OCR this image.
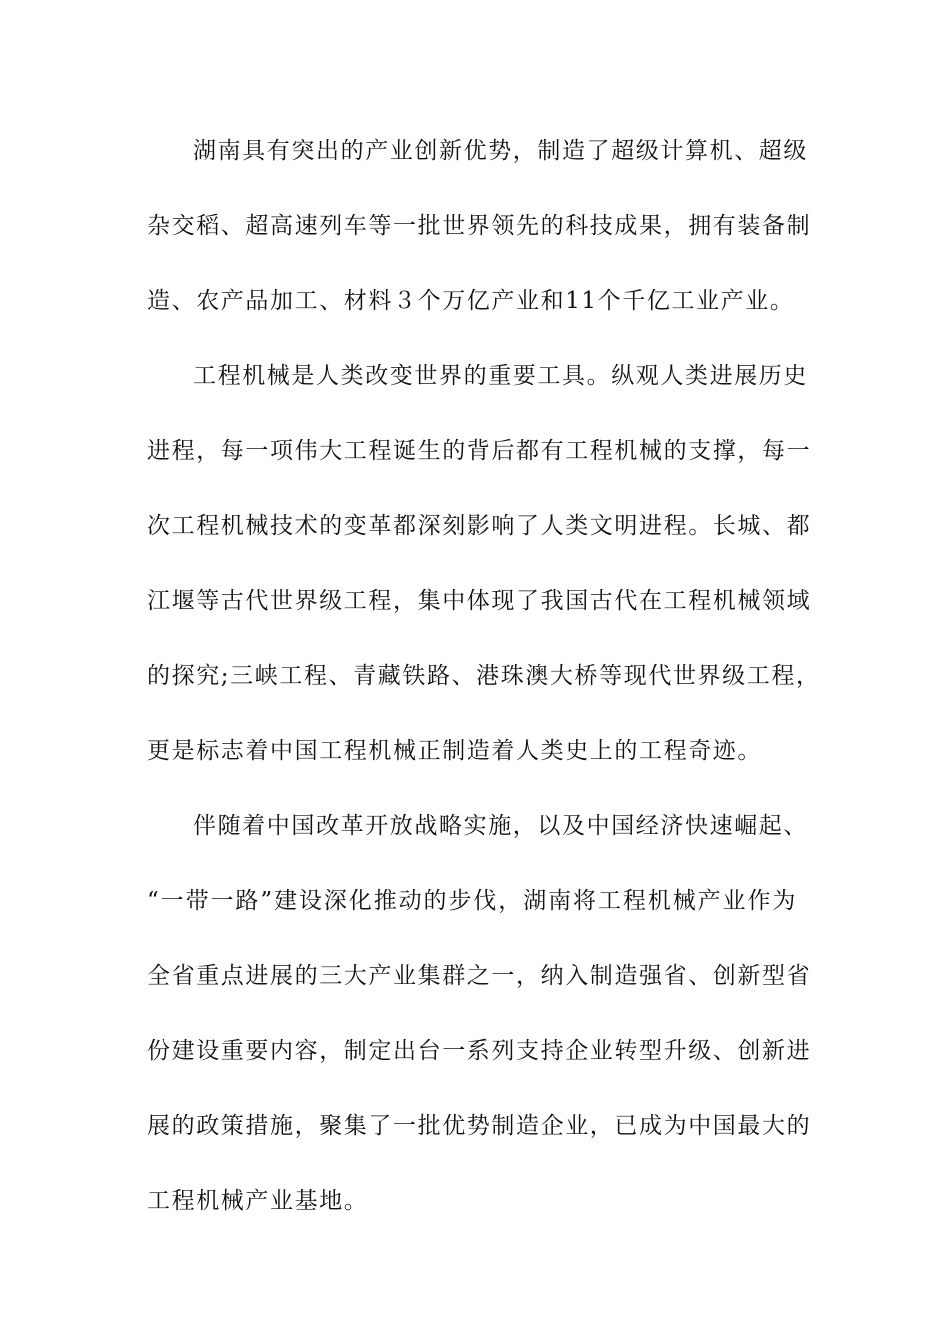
湖南具有突出的产业创新优势，制造了超级计算机、超级
杂交稻、超高速列车等一批世界领先的科技成果，拥有装备制
造、农产品加工、材料３个万亿产业和11个千亿工业产业。

工程机械是人类改变世界的重要工具。纵观人类进展历史
进程，每一项伟大工程诞生的背后都有工程机械的支撑，每一
次工程机械技术的变革都深刻影响了人类文明进程。长城、都
江堰等古代世界级工程，集中体现了我国古代在工程机械领域
的探究;三峡工程、青藏铁路、港珠澳大桥等现代世界级工程，
更是标志着中国工程机械正制造着人类史上的工程奇迹。

伴随着中国改革开放战略实施，以及中国经济快速崛起、
“一带一路”建设深化推动的步伐，湖南将工程机械产业作为
全省重点进展的三大产业集群之一，纳入制造强省、创新型省
份建设重要内容，制定出台一系列支持企业转型升级、创新进
展的政策措施，聚集了一批优势制造企业，已成为中国最大的
工程机械产业基地。
